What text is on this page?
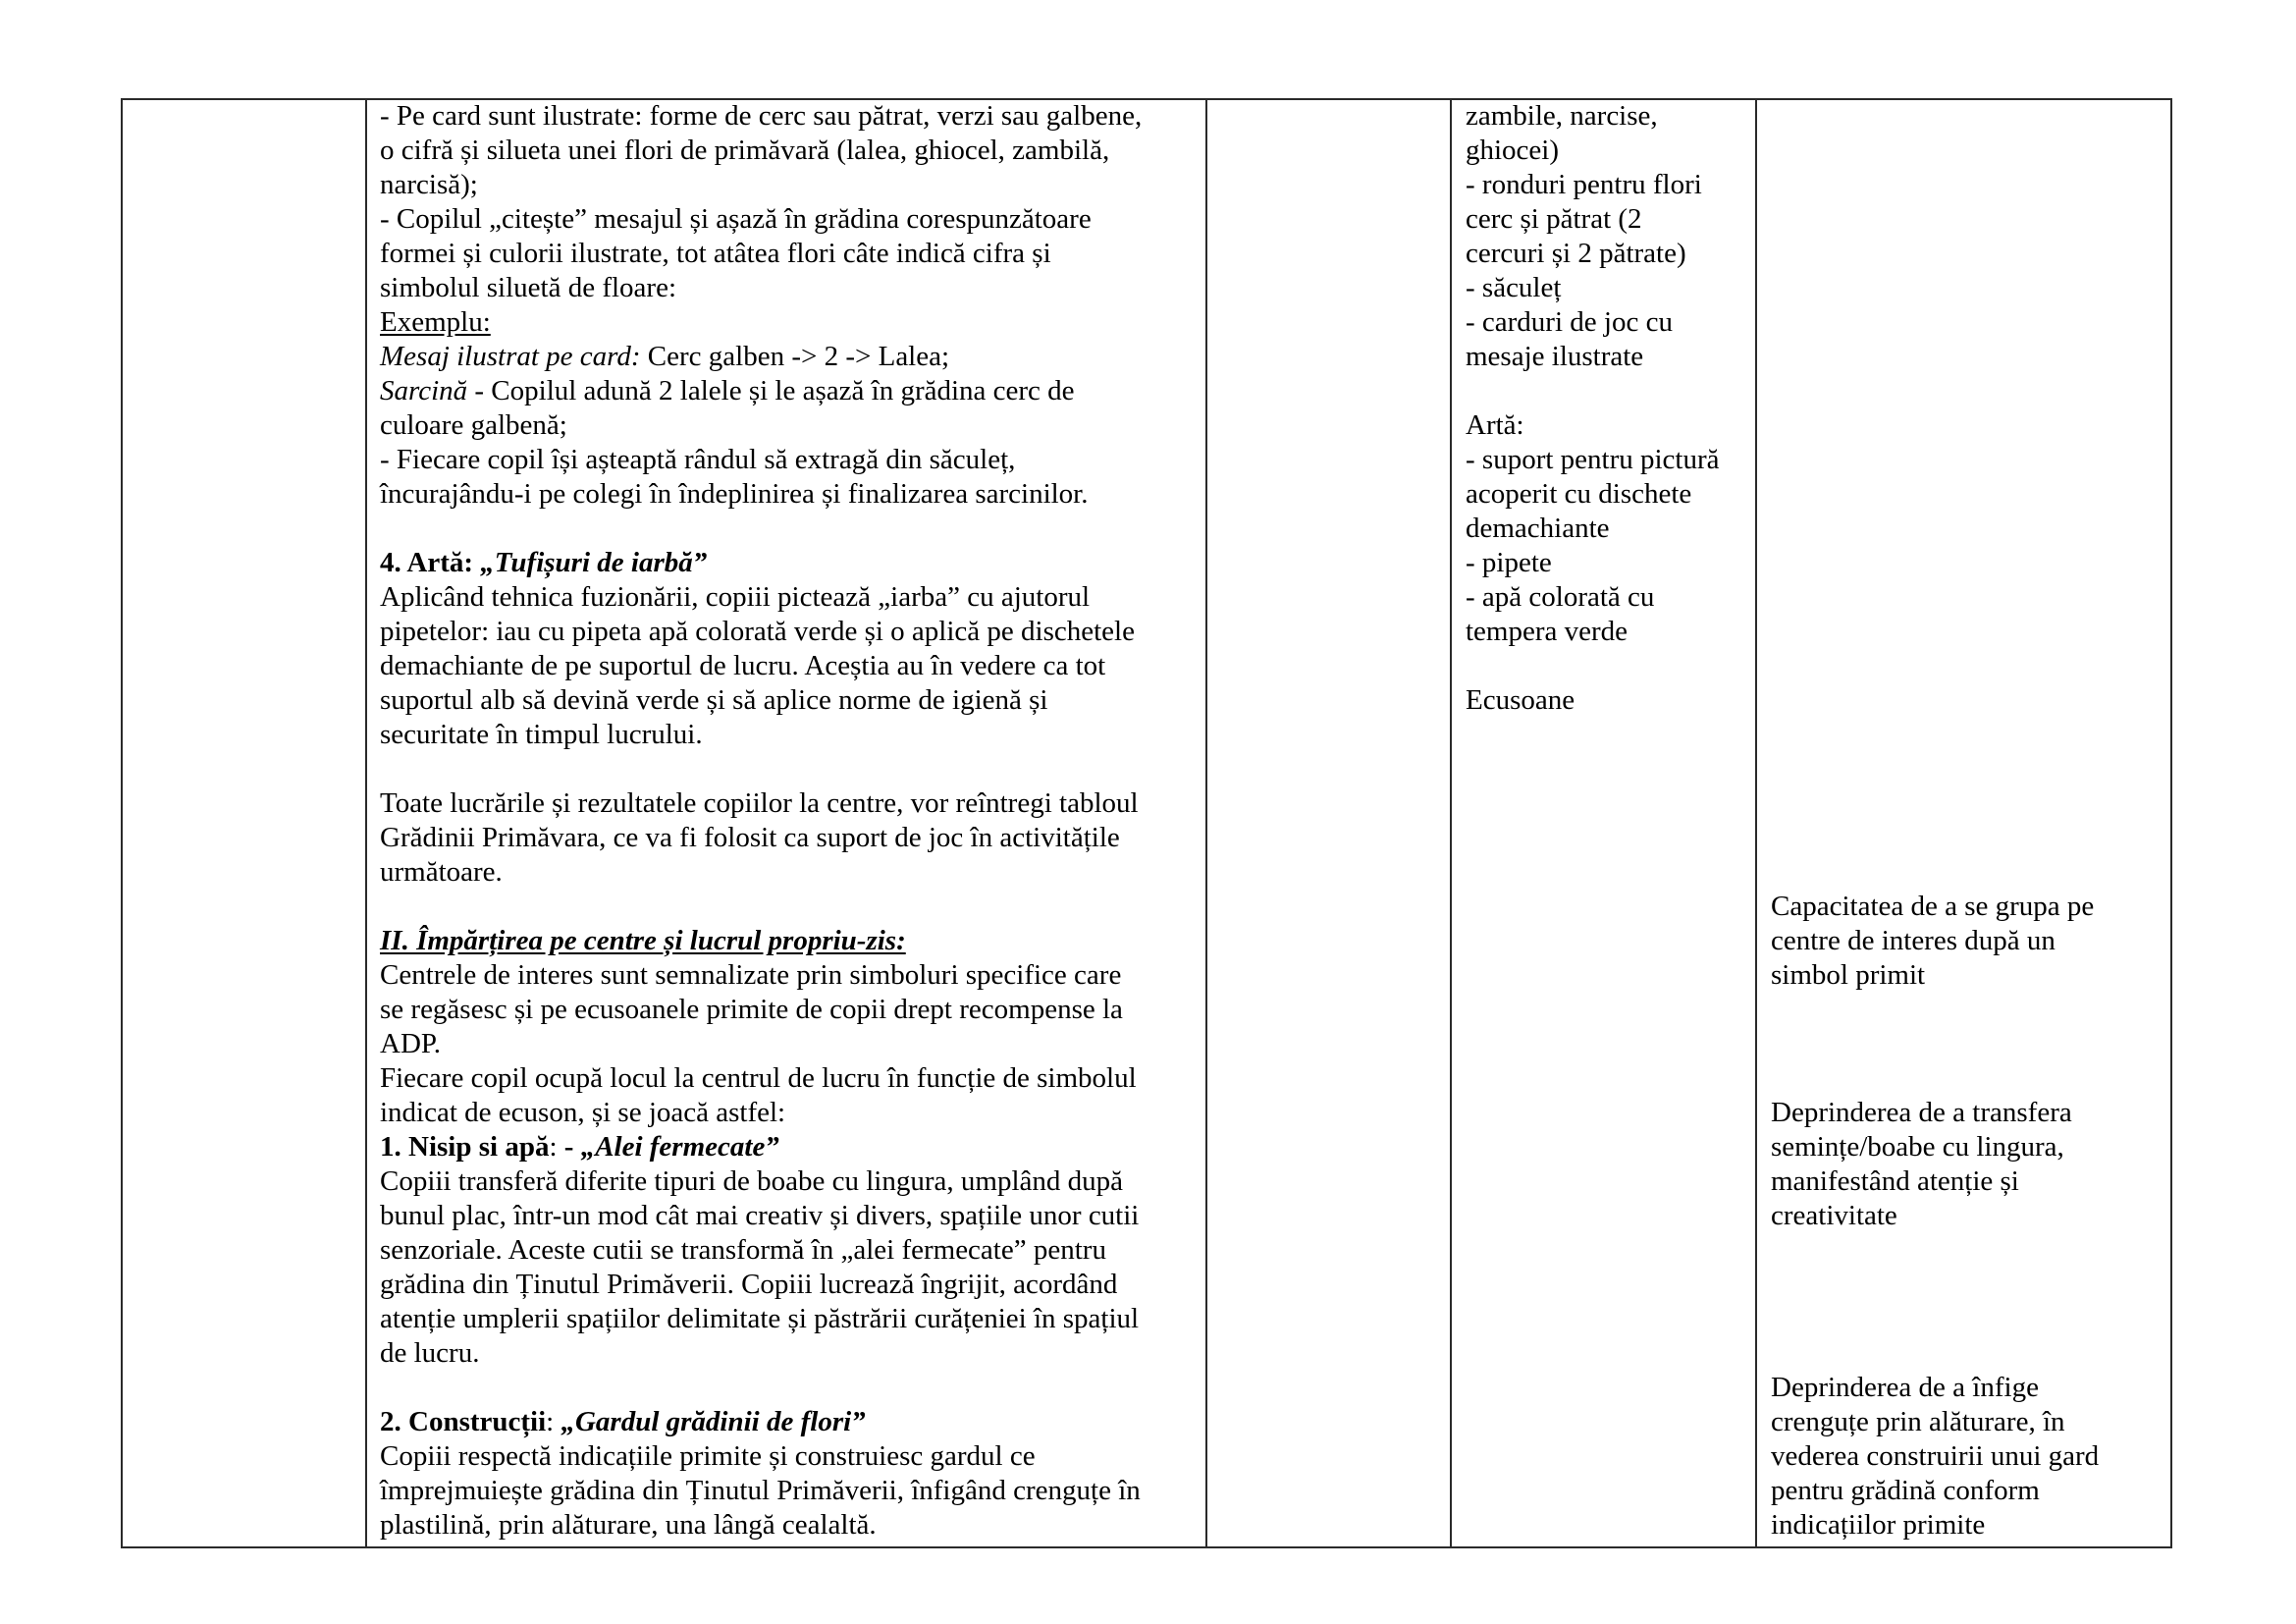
- Pe card sunt ilustrate: forme de cerc sau pătrat, verzi sau galbene,
o cifră și silueta unei flori de primăvară (lalea, ghiocel, zambilă,
narcisă);
- Copilul „citește” mesajul și așază în grădina corespunzătoare
formei și culorii ilustrate, tot atâtea flori câte indică cifra și
simbolul siluetă de floare:
Exemplu:
Mesaj ilustrat pe card: Cerc galben -> 2 -> Lalea;
Sarcină - Copilul adună 2 lalele și le așază în grădina cerc de
culoare galbenă;
- Fiecare copil își așteaptă rândul să extragă din săculeț,
încurajându-i pe colegi în îndeplinirea și finalizarea sarcinilor.
4. Artă: „Tufișuri de iarbă”
Aplicând tehnica fuzionării, copiii pictează „iarba” cu ajutorul
pipetelor: iau cu pipeta apă colorată verde și o aplică pe dischetele
demachiante de pe suportul de lucru. Aceștia au în vedere ca tot
suportul alb să devină verde și să aplice norme de igienă și
securitate în timpul lucrului.
Toate lucrările și rezultatele copiilor la centre, vor reîntregi tabloul
Grădinii Primăvara, ce va fi folosit ca suport de joc în activitățile
următoare.
II. Împărțirea pe centre și lucrul propriu-zis:
Centrele de interes sunt semnalizate prin simboluri specifice care
se regăsesc și pe ecusoanele primite de copii drept recompense la
ADP.
Fiecare copil ocupă locul la centrul de lucru în funcție de simbolul
indicat de ecuson, și se joacă astfel:
1. Nisip si apă: - „Alei fermecate”
Copiii transferă diferite tipuri de boabe cu lingura, umplând după
bunul plac, într-un mod cât mai creativ și divers, spațiile unor cutii
senzoriale. Aceste cutii se transformă în „alei fermecate” pentru
grădina din Ținutul Primăverii. Copiii lucrează îngrijit, acordând
atenție umplerii spațiilor delimitate și păstrării curățeniei în spațiul
de lucru.
2. Construcții: „Gardul grădinii de flori”
Copiii respectă indicațiile primite și construiesc gardul ce
împrejmuiește grădina din Ținutul Primăverii, înfigând crenguțe în
plastilină, prin alăturare, una lângă cealaltă.
zambile, narcise,
ghiocei)
- ronduri pentru flori
cerc și pătrat (2
cercuri și 2 pătrate)
- săculeț
- carduri de joc cu
mesaje ilustrate
Artă:
- suport pentru pictură
acoperit cu dischete
demachiante
- pipete
- apă colorată cu
tempera verde
Ecusoane
Capacitatea de a se grupa pe
centre de interes după un
simbol primit
Deprinderea de a transfera
semințe/boabe cu lingura,
manifestând atenție și
creativitate
Deprinderea de a înfige
crenguțe prin alăturare, în
vederea construirii unui gard
pentru grădină conform
indicațiilor primite
